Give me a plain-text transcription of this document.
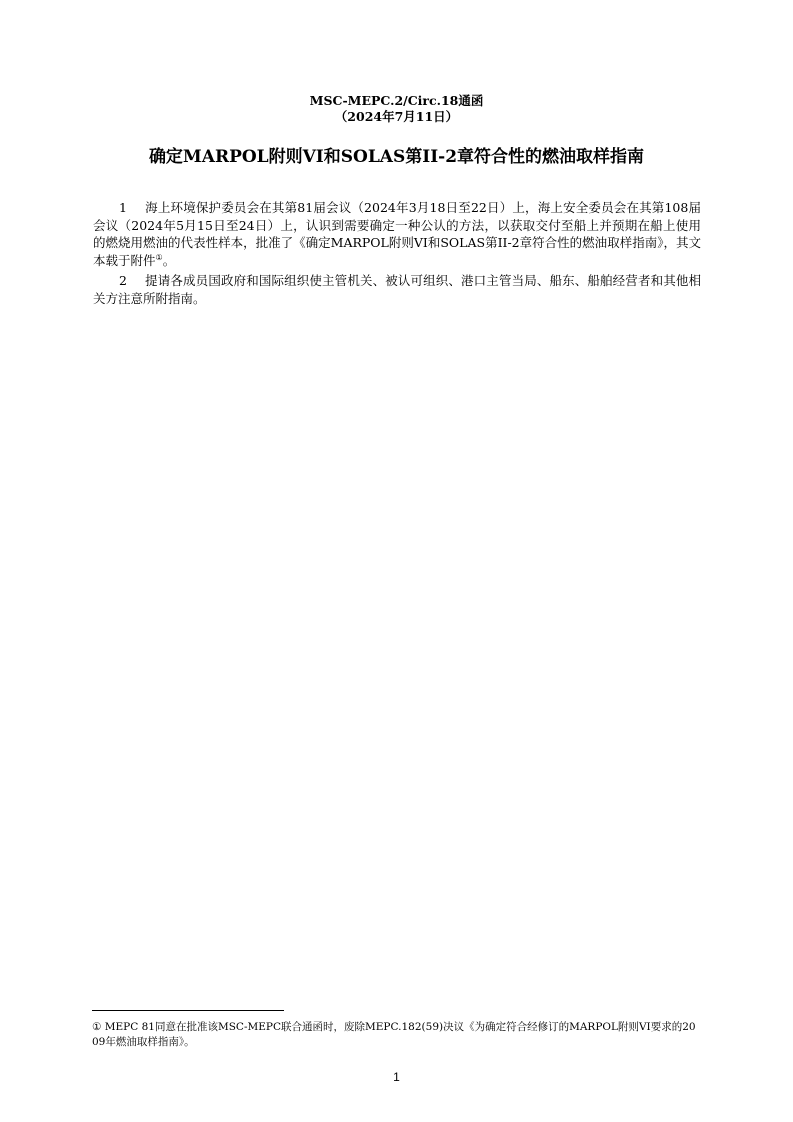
MSC-MEPC.2/Circ.18通函
（2024年7月11日）
确定MARPOL附则VI和SOLAS第II-2章符合性的燃油取样指南
1 海上环境保护委员会在其第81届会议（2024年3月18日至22日）上，海上安全委员会在其第108届会议（2024年5月15日至24日）上，认识到需要确定一种公认的方法，以获取交付至船上并预期在船上使用的燃烧用燃油的代表性样本，批准了《确定MARPOL附则VI和SOLAS第II-2章符合性的燃油取样指南》，其文本载于附件①。
2 提请各成员国政府和国际组织使主管机关、被认可组织、港口主管当局、船东、船舶经营者和其他相关方注意所附指南。
① MEPC 81同意在批准该MSC-MEPC联合通函时，废除MEPC.182(59)决议《为确定符合经修订的MARPOL附则VI要求的2009年燃油取样指南》。
1
